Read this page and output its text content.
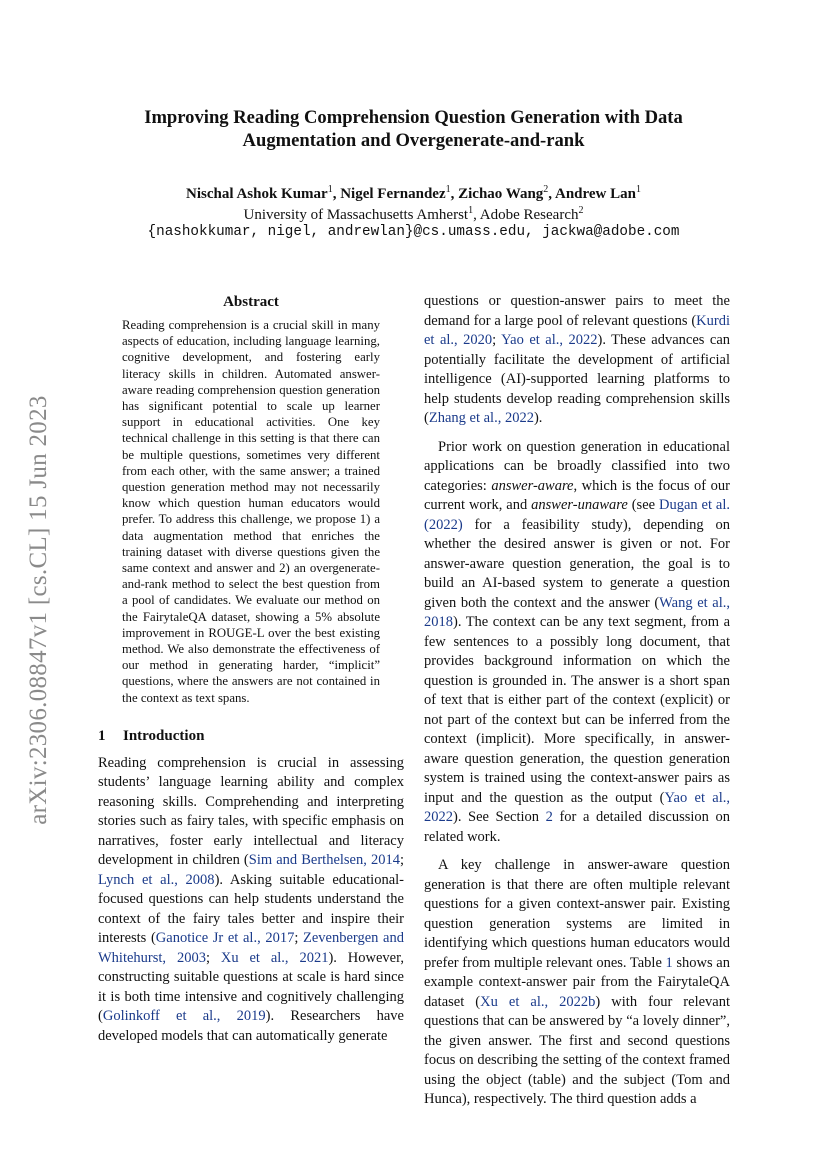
arXiv:2306.08847v1 [cs.CL] 15 Jun 2023
Improving Reading Comprehension Question Generation with Data
Augmentation and Overgenerate-and-rank
Nischal Ashok Kumar$^1$, Nigel Fernandez$^1$, Zichao Wang$^2$, Andrew Lan$^1$
University of Massachusetts Amherst$^1$, Adobe Research$^2$
{nashokkumar, nigel, andrewlan}@cs.umass.edu, jackwa@adobe.com
Abstract
Reading comprehension is a crucial skill in many aspects of education, including language learning, cognitive development, and fostering early literacy skills in children. Automated answer-aware reading comprehension question generation has significant potential to scale up learner support in educational activities. One key technical challenge in this setting is that there can be multiple questions, sometimes very different from each other, with the same answer; a trained question generation method may not necessarily know which question human educators would prefer. To address this challenge, we propose 1) a data augmentation method that enriches the training dataset with diverse questions given the same context and answer and 2) an overgenerate-and-rank method to select the best question from a pool of candidates. We evaluate our method on the FairytaleQA dataset, showing a 5% absolute improvement in ROUGE-L over the best existing method. We also demonstrate the effectiveness of our method in generating harder, “implicit” questions, where the answers are not contained in the context as text spans.
1 Introduction

Reading comprehension is crucial in assessing students’ language learning ability and complex reasoning skills. Comprehending and interpreting stories such as fairy tales, with specific emphasis on narratives, foster early intellectual and literacy development in children (Sim and Berthelsen, 2014; Lynch et al., 2008). Asking suitable educational-focused questions can help students understand the context of the fairy tales better and inspire their interests (Ganotice Jr et al., 2017; Zevenbergen and Whitehurst, 2003; Xu et al., 2021). However, constructing suitable questions at scale is hard since it is both time intensive and cognitively challenging (Golinkoff et al., 2019). Researchers have developed models that can automatically generate

questions or question-answer pairs to meet the demand for a large pool of relevant questions (Kurdi et al., 2020; Yao et al., 2022). These advances can potentially facilitate the development of artificial intelligence (AI)-supported learning platforms to help students develop reading comprehension skills (Zhang et al., 2022).

Prior work on question generation in educational applications can be broadly classified into two categories: answer-aware, which is the focus of our current work, and answer-unaware (see Dugan et al. (2022) for a feasibility study), depending on whether the desired answer is given or not. For answer-aware question generation, the goal is to build an AI-based system to generate a question given both the context and the answer (Wang et al., 2018). The context can be any text segment, from a few sentences to a possibly long document, that provides background information on which the question is grounded in. The answer is a short span of text that is either part of the context (explicit) or not part of the context but can be inferred from the context (implicit). More specifically, in answer-aware question generation, the question generation system is trained using the context-answer pairs as input and the question as the output (Yao et al., 2022). See Section 2 for a detailed discussion on related work.

A key challenge in answer-aware question generation is that there are often multiple relevant questions for a given context-answer pair. Existing question generation systems are limited in identifying which questions human educators would prefer from multiple relevant ones. Table 1 shows an example context-answer pair from the FairytaleQA dataset (Xu et al., 2022b) with four relevant questions that can be answered by “a lovely dinner”, the given answer. The first and second questions focus on describing the setting of the context framed using the object (table) and the subject (Tom and Hunca), respectively. The third question adds a
